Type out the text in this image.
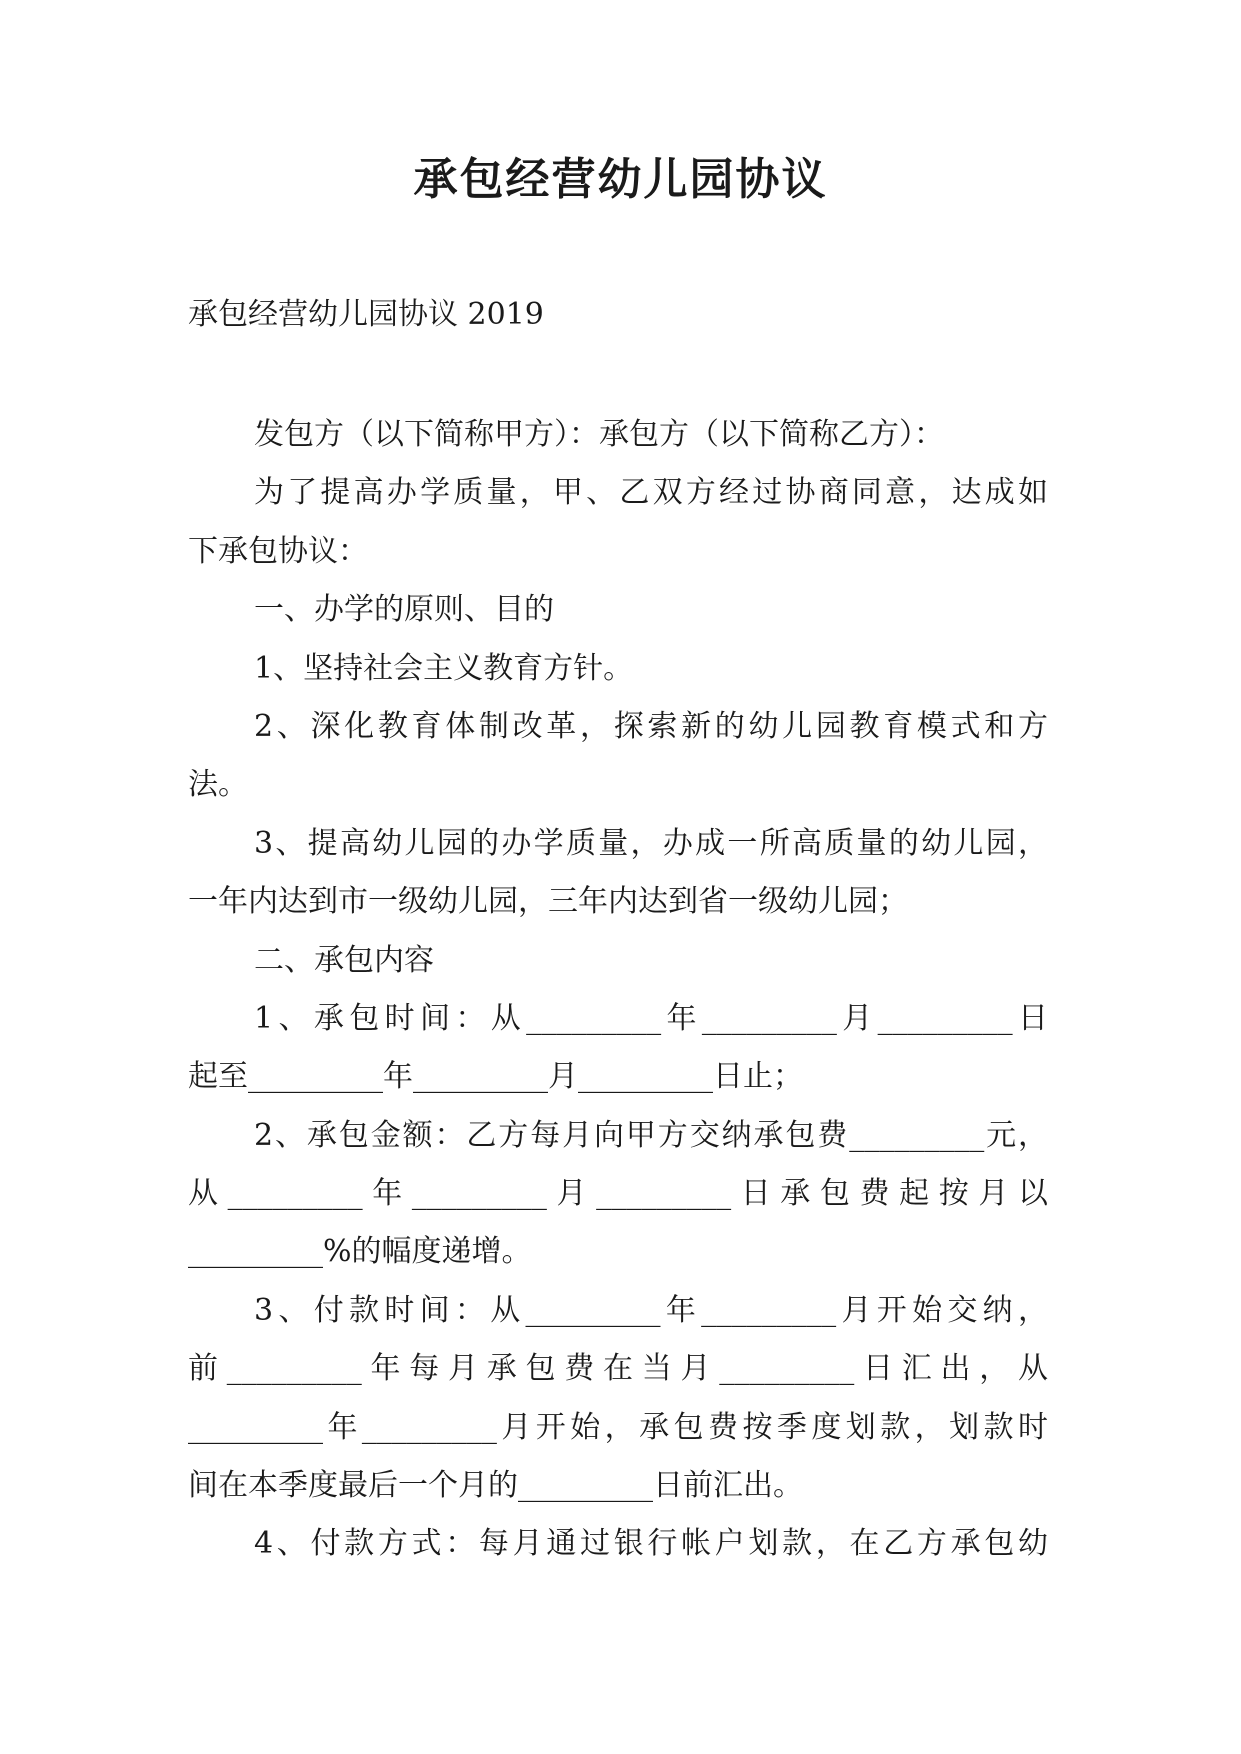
承包经营幼儿园协议
承包经营幼儿园协议 2019
发包方（以下简称甲方）：承包方（以下简称乙方）：
为了提高办学质量，甲、乙双方经过协商同意，达成如
下承包协议：
一、办学的原则、目的
1、坚持社会主义教育方针。
2、深化教育体制改革，探索新的幼儿园教育模式和方
法。
3、提高幼儿园的办学质量，办成一所高质量的幼儿园，
一年内达到市一级幼儿园，三年内达到省一级幼儿园；
二、承包内容
1、承包时间：从_________年_________月_________日
起至_________年_________月_________日止；
2、承包金额：乙方每月向甲方交纳承包费_________元，
从_________年_________月_________日承包费起按月以
_________%的幅度递增。
3、付款时间：从_________年_________月开始交纳，
前_________年每月承包费在当月_________日汇出，从
_________年_________月开始，承包费按季度划款，划款时
间在本季度最后一个月的_________日前汇出。
4、付款方式：每月通过银行帐户划款，在乙方承包幼
